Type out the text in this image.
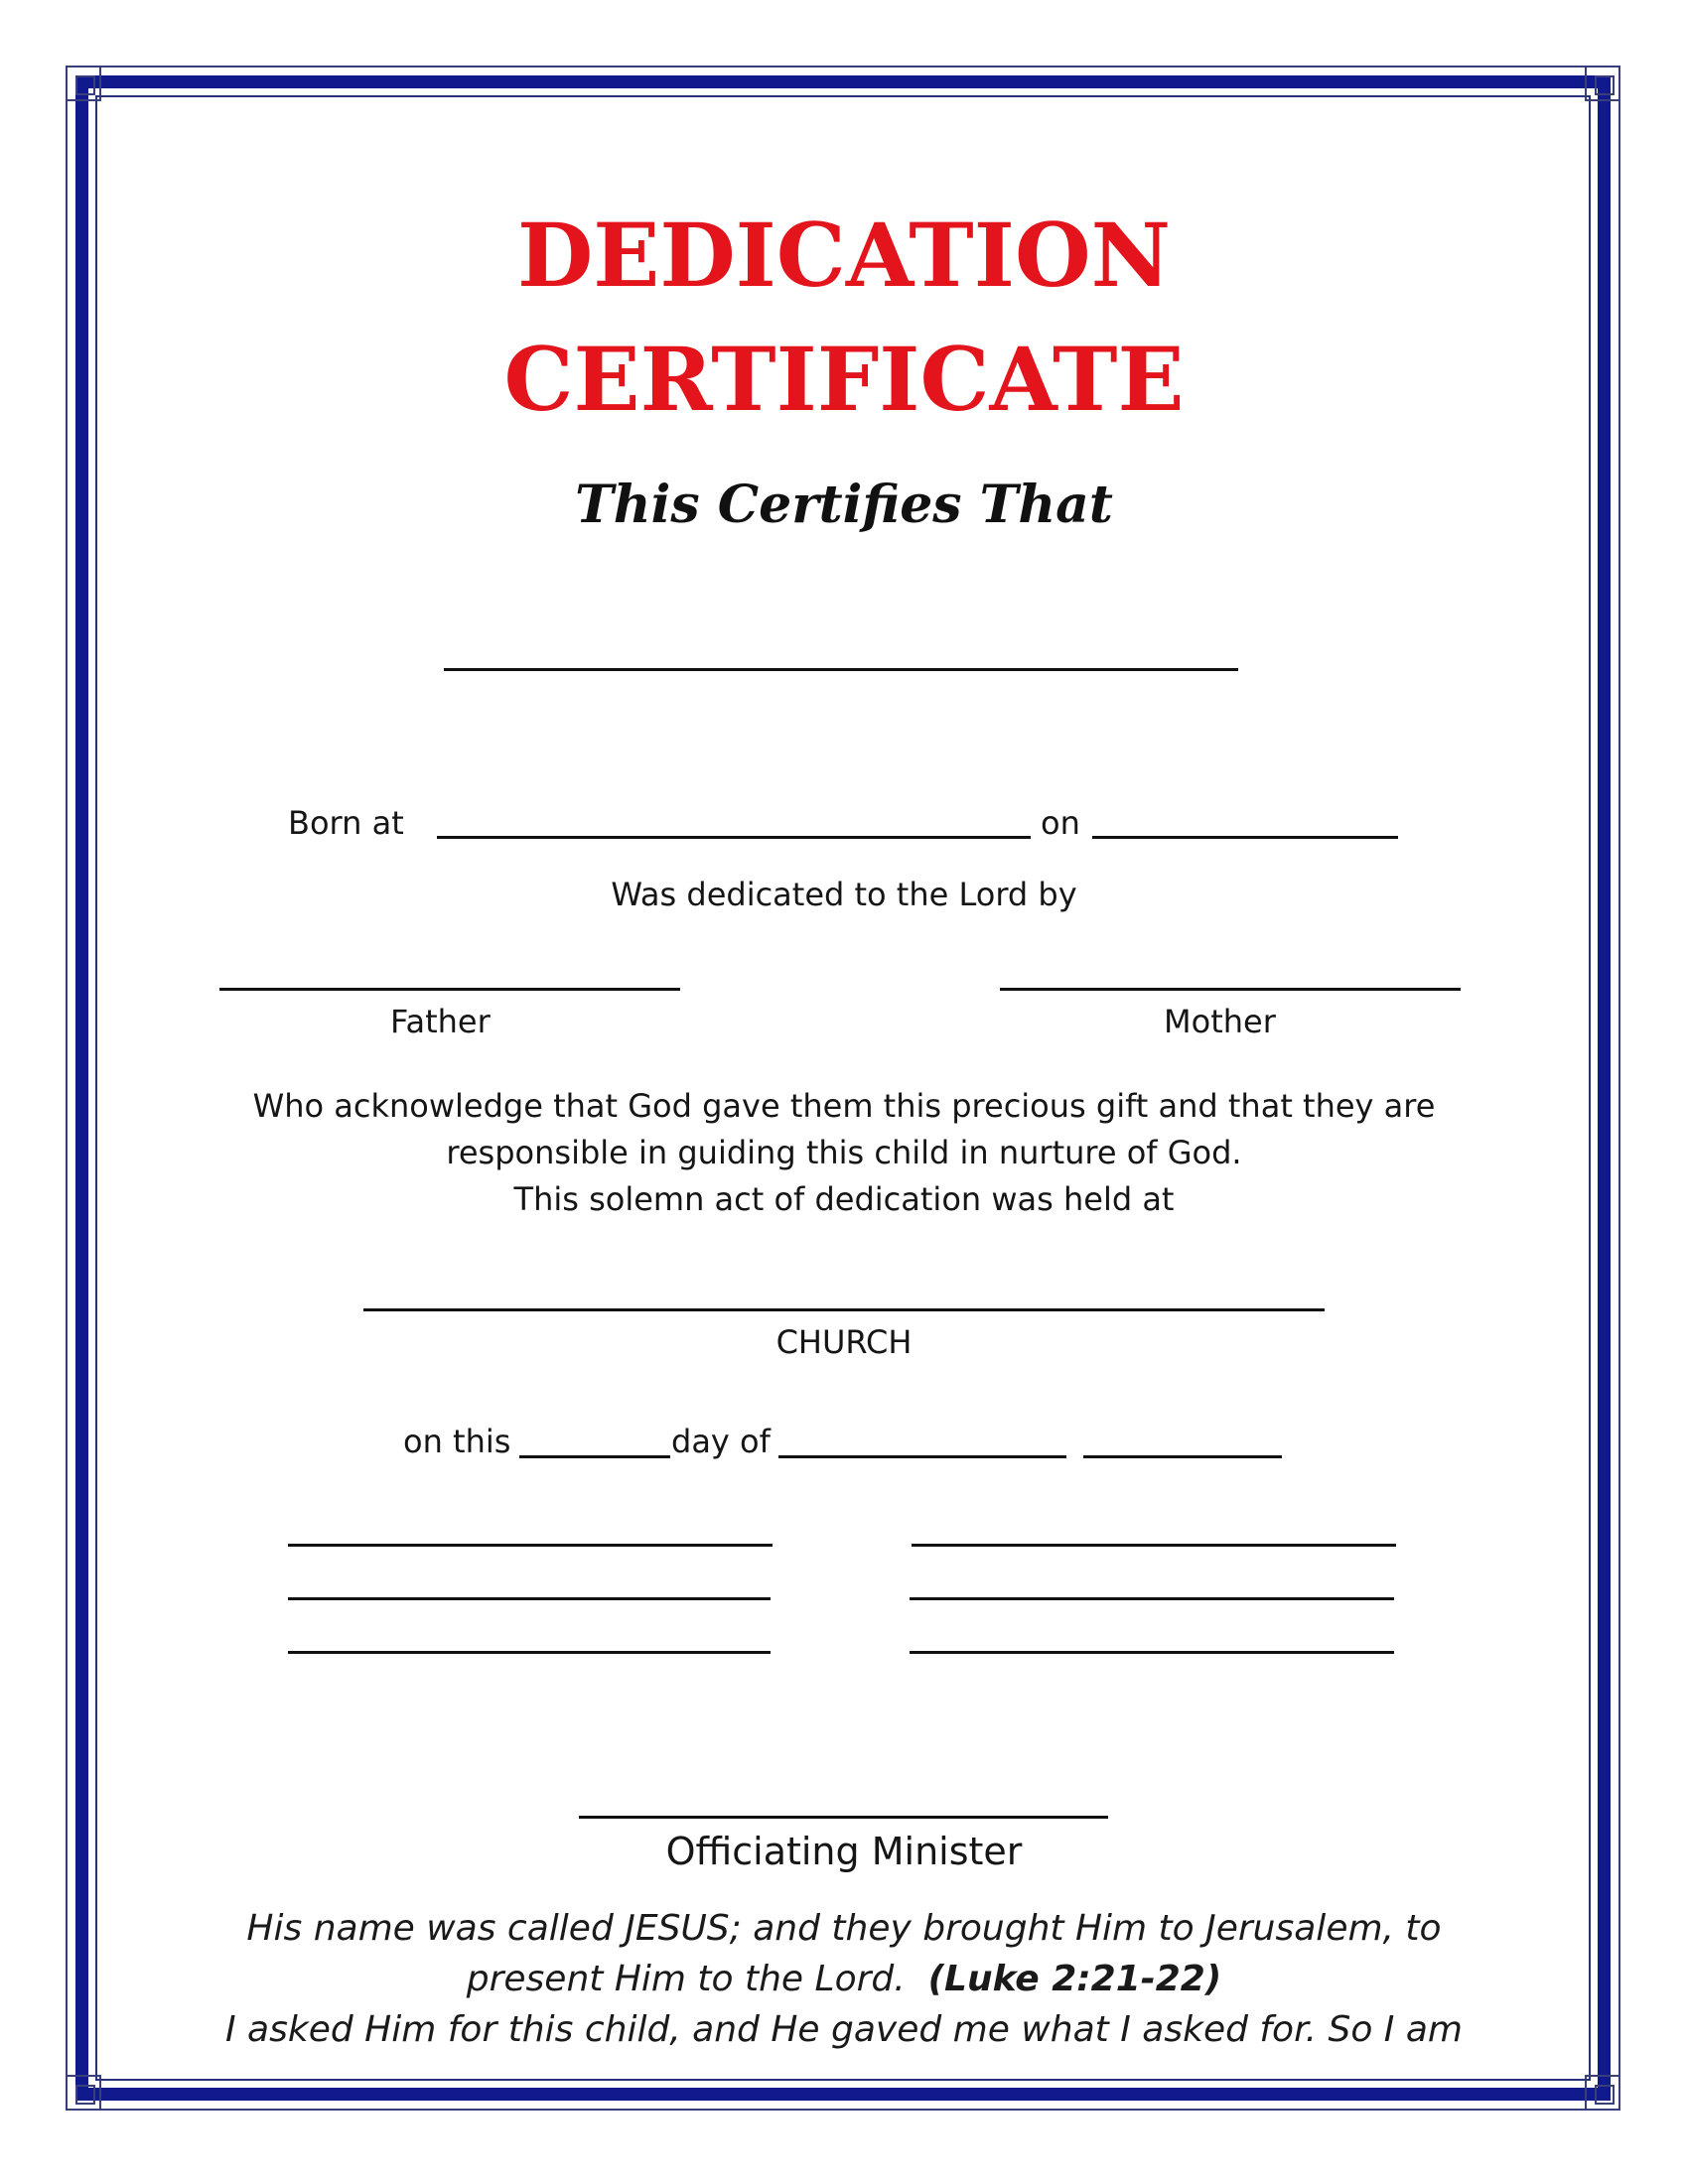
DEDICATION
CERTIFICATE
This Certifies That
Born at	on
Was dedicated to the Lord by
Father	Mother
Who acknowledge that God gave them this precious gift and that they are
responsible in guiding this child in nurture of God.
This solemn act of dedication was held at
CHURCH
on this	day of
Officiating Minister
His name was called JESUS; and they brought Him to Jerusalem, to
present Him to the Lord. (Luke 2:21-22)
I asked Him for this child, and He gaved me what I asked for. So I am
